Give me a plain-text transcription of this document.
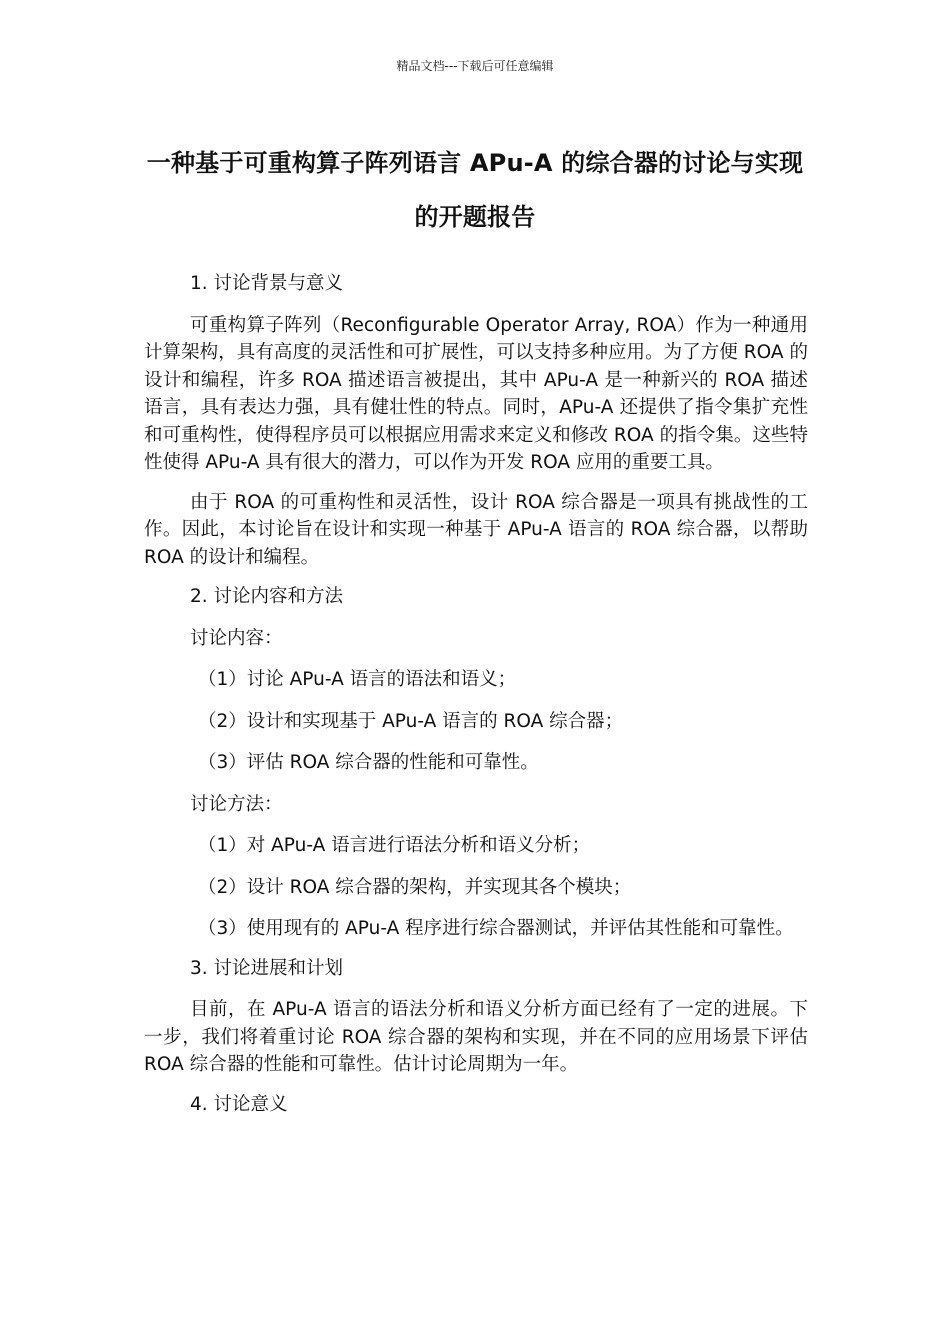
精品文档---下载后可任意编辑
一种基于可重构算子阵列语言 APu-A 的综合器的讨论与实现的开题报告

1. 讨论背景与意义

可重构算子阵列（Reconfigurable Operator Array, ROA）作为一种通用计算架构，具有高度的灵活性和可扩展性，可以支持多种应用。为了方便 ROA 的设计和编程，许多 ROA 描述语言被提出，其中 APu-A 是一种新兴的 ROA 描述语言，具有表达力强，具有健壮性的特点。同时，APu-A 还提供了指令集扩充性和可重构性，使得程序员可以根据应用需求来定义和修改 ROA 的指令集。这些特性使得 APu-A 具有很大的潜力，可以作为开发 ROA 应用的重要工具。

由于 ROA 的可重构性和灵活性，设计 ROA 综合器是一项具有挑战性的工作。因此，本讨论旨在设计和实现一种基于 APu-A 语言的 ROA 综合器，以帮助 ROA 的设计和编程。

2. 讨论内容和方法

讨论内容：

（1）讨论 APu-A 语言的语法和语义；

（2）设计和实现基于 APu-A 语言的 ROA 综合器；

（3）评估 ROA 综合器的性能和可靠性。

讨论方法：

（1）对 APu-A 语言进行语法分析和语义分析；

（2）设计 ROA 综合器的架构，并实现其各个模块；

（3）使用现有的 APu-A 程序进行综合器测试，并评估其性能和可靠性。

3. 讨论进展和计划

目前，在 APu-A 语言的语法分析和语义分析方面已经有了一定的进展。下一步，我们将着重讨论 ROA 综合器的架构和实现，并在不同的应用场景下评估 ROA 综合器的性能和可靠性。估计讨论周期为一年。

4. 讨论意义
